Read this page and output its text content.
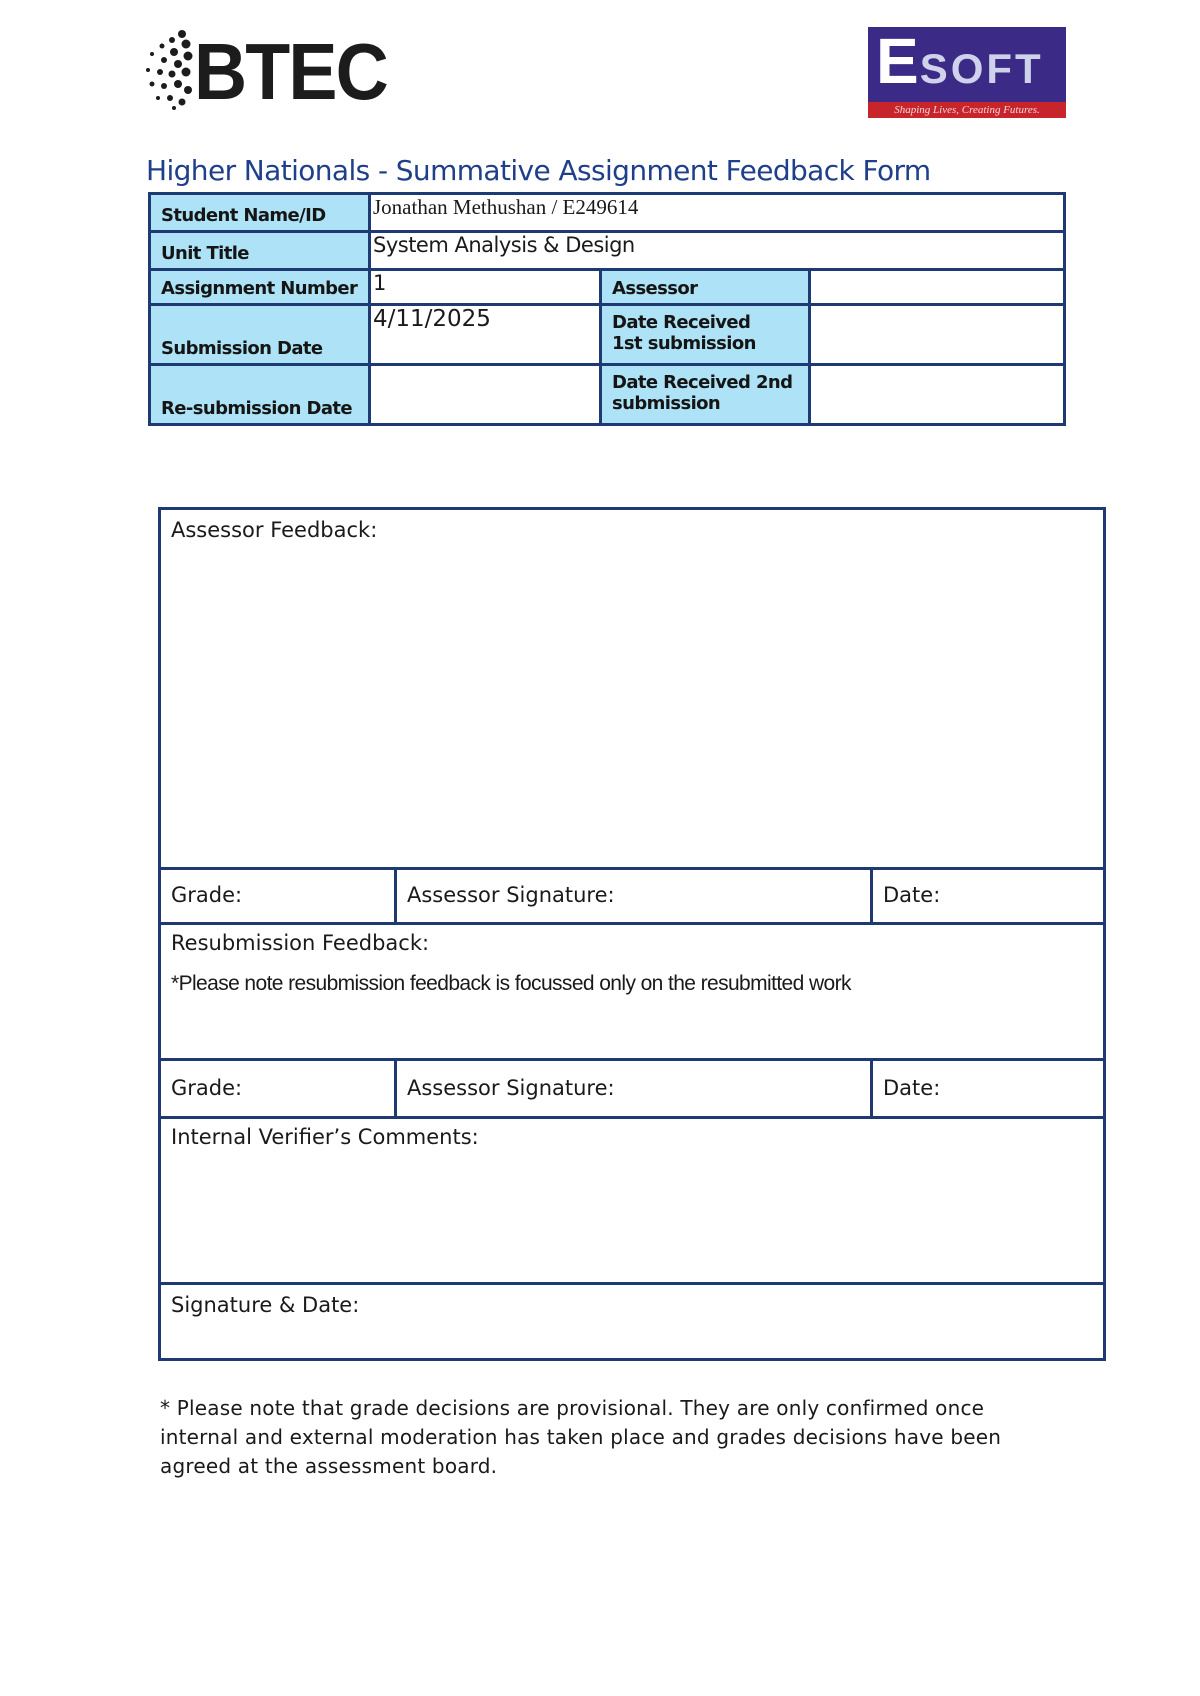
BTEC	ESOFT
Shaping Lives, Creating Futures.
Higher Nationals - Summative Assignment Feedback Form
Student Name/ID	Jonathan Methushan / E249614		
Unit Title	System Analysis & Design		
Assignment Number	1	Assessor	
Submission Date	4/11/2025	Date Received
1st submission	
Re-submission Date		Date Received 2nd
submission	
Assessor Feedback:
Grade:	Assessor Signature:	Date:
Resubmission Feedback:
*Please note resubmission feedback is focussed only on the resubmitted work
Grade:	Assessor Signature:	Date:
Internal Verifier’s Comments:
Signature & Date:
* Please note that grade decisions are provisional. They are only confirmed once internal and external moderation has taken place and grades decisions have been agreed at the assessment board.
